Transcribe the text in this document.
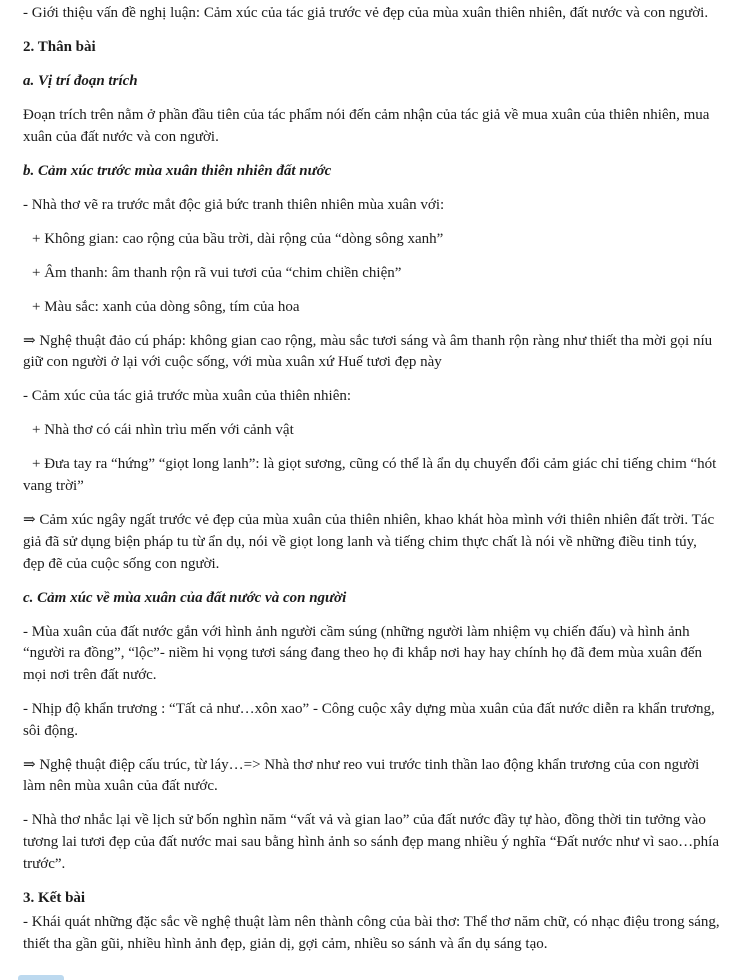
- Giới thiệu vấn đề nghị luận: Cảm xúc của tác giả trước vẻ đẹp của mùa xuân thiên nhiên, đất nước và con người.

2. Thân bài

a. Vị trí đoạn trích

Đoạn trích trên nằm ở phần đầu tiên của tác phẩm nói đến cảm nhận của tác giả về mua xuân của thiên nhiên, mua xuân của đất nước và con người.

b. Cảm xúc trước mùa xuân thiên nhiên đất nước

- Nhà thơ vẽ ra trước mắt độc giả bức tranh thiên nhiên mùa xuân với:

+ Không gian: cao rộng của bầu trời, dài rộng của “dòng sông xanh”

+ Âm thanh: âm thanh rộn rã vui tươi của “chim chiền chiện”

+ Màu sắc: xanh của dòng sông, tím của hoa

⇒ Nghệ thuật đảo cú pháp: không gian cao rộng, màu sắc tươi sáng và âm thanh rộn ràng như thiết tha mời gọi níu giữ con người ở lại với cuộc sống, với mùa xuân xứ Huế tươi đẹp này

- Cảm xúc của tác giả trước mùa xuân của thiên nhiên:

+ Nhà thơ có cái nhìn trìu mến với cảnh vật

+ Đưa tay ra “hứng” “giọt long lanh”: là giọt sương, cũng có thể là ẩn dụ chuyển đổi cảm giác chỉ tiếng chim “hót vang trời”

⇒ Cảm xúc ngây ngất trước vẻ đẹp của mùa xuân của thiên nhiên, khao khát hòa mình với thiên nhiên đất trời. Tác giả đã sử dụng biện pháp tu từ ẩn dụ, nói về giọt long lanh và tiếng chim thực chất là nói về những điều tinh túy, đẹp đẽ của cuộc sống con người.

c. Cảm xúc về mùa xuân của đất nước và con người

- Mùa xuân của đất nước gắn với hình ảnh người cầm súng (những người làm nhiệm vụ chiến đấu) và hình ảnh “người ra đồng”, “lộc”- niềm hi vọng tươi sáng đang theo họ đi khắp nơi hay hay chính họ đã đem mùa xuân đến mọi nơi trên đất nước.

- Nhịp độ khẩn trương : “Tất cả như…xôn xao” - Công cuộc xây dựng mùa xuân của đất nước diễn ra khẩn trương, sôi động.

⇒ Nghệ thuật điệp cấu trúc, từ láy…=> Nhà thơ như reo vui trước tinh thần lao động khẩn trương của con người làm nên mùa xuân của đất nước.

- Nhà thơ nhắc lại về lịch sử bốn nghìn năm “vất vả và gian lao” của đất nước đầy tự hào, đồng thời tin tưởng vào tương lai tươi đẹp của đất nước mai sau bằng hình ảnh so sánh đẹp mang nhiều ý nghĩa “Đất nước như vì sao…phía trước”.

3. Kết bài

- Khái quát những đặc sắc về nghệ thuật làm nên thành công của bài thơ: Thể thơ năm chữ, có nhạc điệu trong sáng, thiết tha gần gũi, nhiều hình ảnh đẹp, giản dị, gợi cảm, nhiều so sánh và ẩn dụ sáng tạo.
